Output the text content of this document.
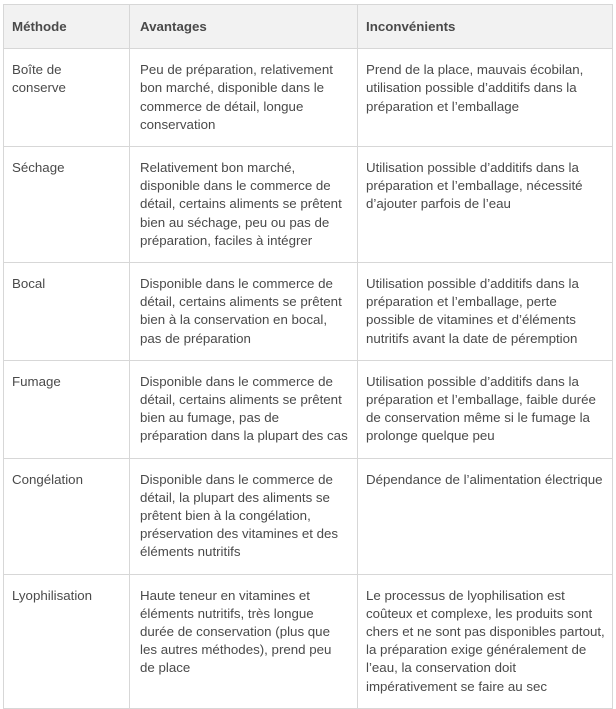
Méthode	Avantages	Inconvénients
Boîte de conserve	Peu de préparation, relativement bon marché, disponible dans le commerce de détail, longue conservation	Prend de la place, mauvais écobilan, utilisation possible d’additifs dans la préparation et l’emballage
Séchage	Relativement bon marché, disponible dans le commerce de détail, certains aliments se prêtent bien au séchage, peu ou pas de préparation, faciles à intégrer	Utilisation possible d’additifs dans la préparation et l’emballage, nécessité d’ajouter parfois de l’eau
Bocal	Disponible dans le commerce de détail, certains aliments se prêtent bien à la conservation en bocal, pas de préparation	Utilisation possible d’additifs dans la préparation et l’emballage, perte possible de vitamines et d’éléments nutritifs avant la date de péremption
Fumage	Disponible dans le commerce de détail, certains aliments se prêtent bien au fumage, pas de préparation dans la plupart des cas	Utilisation possible d’additifs dans la préparation et l’emballage, faible durée de conservation même si le fumage la prolonge quelque peu
Congélation	Disponible dans le commerce de détail, la plupart des aliments se prêtent bien à la congélation, préservation des vitamines et des éléments nutritifs	Dépendance de l’alimentation électrique
Lyophilisation	Haute teneur en vitamines et éléments nutritifs, très longue durée de conservation (plus que les autres méthodes), prend peu de place	Le processus de lyophilisation est coûteux et complexe, les produits sont chers et ne sont pas disponibles partout, la préparation exige généralement de l’eau, la conservation doit impérativement se faire au sec
